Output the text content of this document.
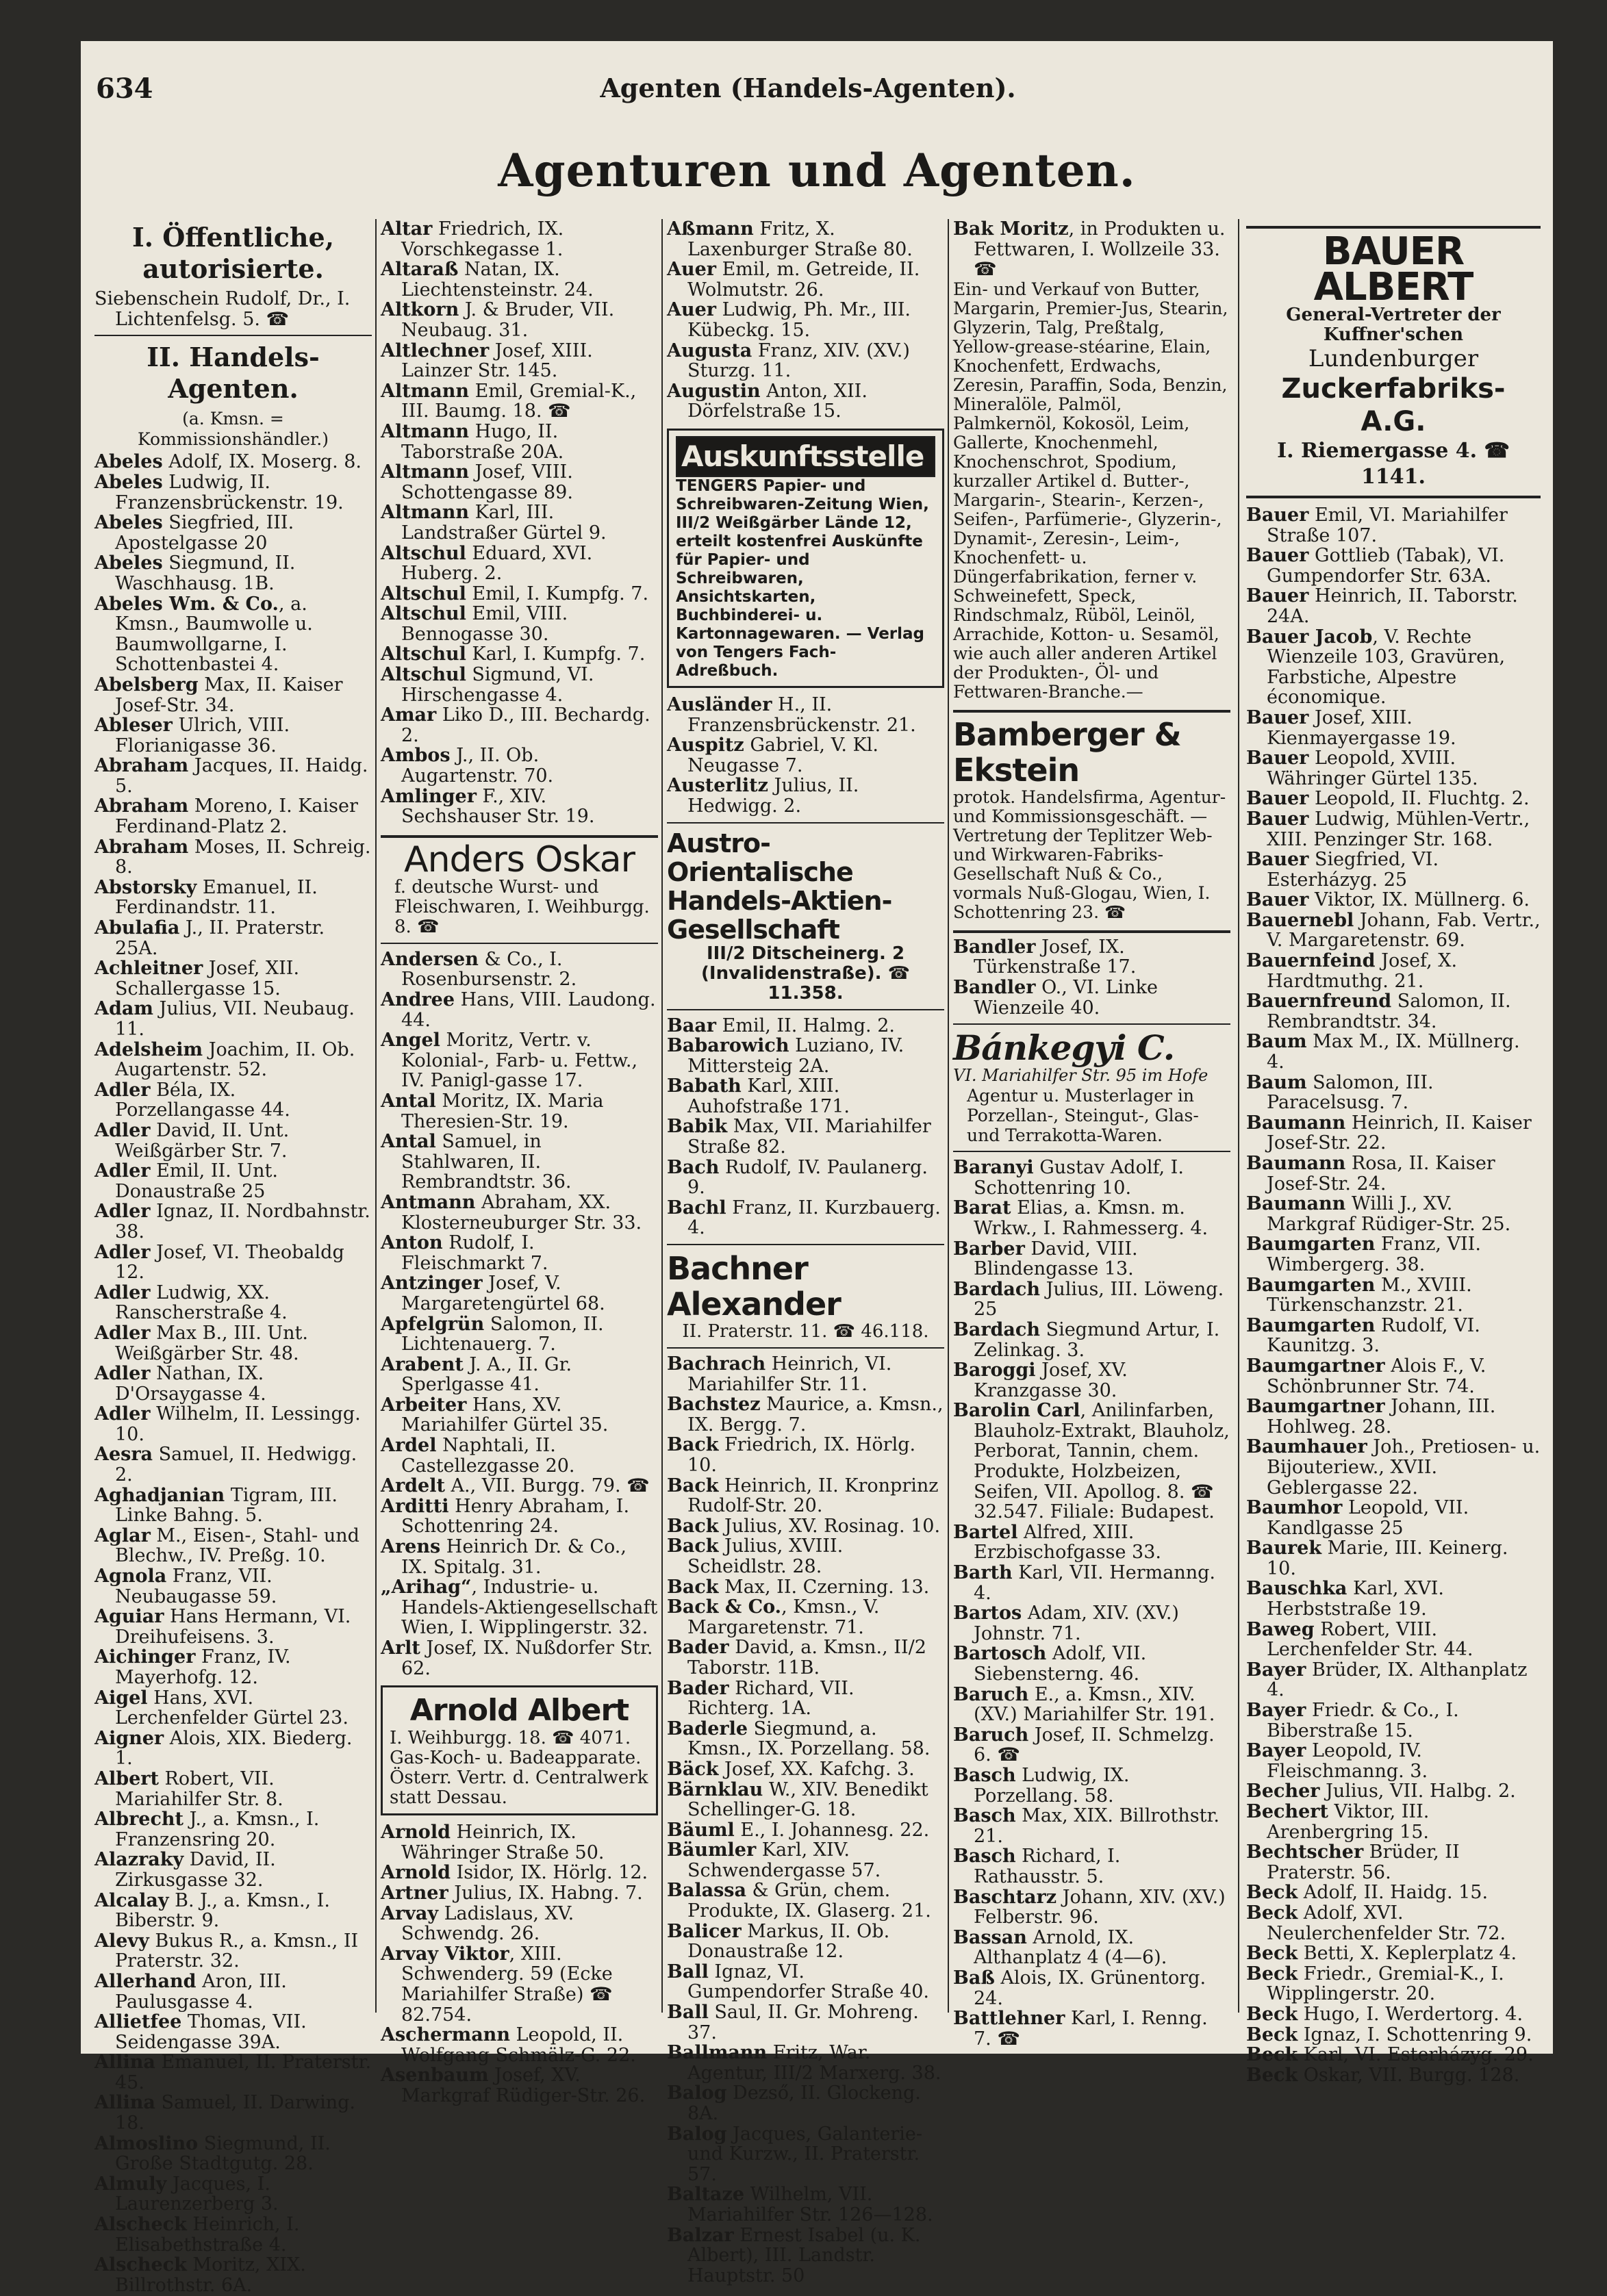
634	Agenten (Handels-Agenten).
Agenturen und Agenten.
I. Öffentliche, autorisierte.

Siebenschein Rudolf, Dr., I. Lichtenfelsg. 5. ☎

II. Handels-Agenten.
(a. Kmsn. = Kommissionshändler.)

Abeles Adolf, IX. Moserg. 8.

Abeles Ludwig, II. Franzensbrückenstr. 19.

Abeles Siegfried, III. Apostelgasse 20

Abeles Siegmund, II. Waschhausg. 1B.

Abeles Wm. & Co., a. Kmsn., Baumwolle u. Baumwollgarne, I. Schottenbastei 4.

Abelsberg Max, II. Kaiser Josef-Str. 34.

Ableser Ulrich, VIII. Florianigasse 36.

Abraham Jacques, II. Haidg. 5.

Abraham Moreno, I. Kaiser Ferdinand-Platz 2.

Abraham Moses, II. Schreig. 8.

Abstorsky Emanuel, II. Ferdinandstr. 11.

Abulafia J., II. Praterstr. 25A.

Achleitner Josef, XII. Schallergasse 15.

Adam Julius, VII. Neubaug. 11.

Adelsheim Joachim, II. Ob. Augartenstr. 52.

Adler Béla, IX. Porzellangasse 44.

Adler David, II. Unt. Weißgärber Str. 7.

Adler Emil, II. Unt. Donaustraße 25

Adler Ignaz, II. Nordbahnstr. 38.

Adler Josef, VI. Theobaldg 12.

Adler Ludwig, XX. Ranscherstraße 4.

Adler Max B., III. Unt. Weißgärber Str. 48.

Adler Nathan, IX. D'Orsaygasse 4.

Adler Wilhelm, II. Lessingg. 10.

Aesra Samuel, II. Hedwigg. 2.

Aghadjanian Tigram, III. Linke Bahng. 5.

Aglar M., Eisen-, Stahl- und Blechw., IV. Preßg. 10.

Agnola Franz, VII. Neubaugasse 59.

Aguiar Hans Hermann, VI. Dreihufeisens. 3.

Aichinger Franz, IV. Mayerhofg. 12.

Aigel Hans, XVI. Lerchenfelder Gürtel 23.

Aigner Alois, XIX. Biederg. 1.

Albert Robert, VII. Mariahilfer Str. 8.

Albrecht J., a. Kmsn., I. Franzensring 20.

Alazraky David, II. Zirkusgasse 32.

Alcalay B. J., a. Kmsn., I. Biberstr. 9.

Alevy Bukus R., a. Kmsn., II Praterstr. 32.

Allerhand Aron, III. Paulusgasse 4.

Allietfee Thomas, VII. Seidengasse 39A.

Allina Emanuel, II. Praterstr. 45.

Allina Samuel, II. Darwing. 18.

Almoslino Siegmund, II. Große Stadtgutg. 28.

Almuly Jacques, I. Laurenzerberg 3.

Alscheck Heinrich, I. Elisabethstraße 4.

Alscheck Moritz, XIX. Billrothstr. 6A.

Altar Friedrich, IX. Vorschkegasse 1.

Altaraß Natan, IX. Liechtensteinstr. 24.

Altkorn J. & Bruder, VII. Neubaug. 31.

Altlechner Josef, XIII. Lainzer Str. 145.

Altmann Emil, Gremial-K., III. Baumg. 18. ☎

Altmann Hugo, II. Taborstraße 20A.

Altmann Josef, VIII. Schottengasse 89.

Altmann Karl, III. Landstraßer Gürtel 9.

Altschul Eduard, XVI. Huberg. 2.

Altschul Emil, I. Kumpfg. 7.

Altschul Emil, VIII. Bennogasse 30.

Altschul Karl, I. Kumpfg. 7.

Altschul Sigmund, VI. Hirschengasse 4.

Amar Liko D., III. Bechardg. 2.

Ambos J., II. Ob. Augartenstr. 70.

Amlinger F., XIV. Sechshauser Str. 19.

Anders Oskar

f. deutsche Wurst- und Fleischwaren, I. Weihburgg. 8. ☎

Andersen & Co., I. Rosenbursenstr. 2.

Andree Hans, VIII. Laudong. 44.

Angel Moritz, Vertr. v. Kolonial-, Farb- u. Fettw., IV. Panigl-gasse 17.

Antal Moritz, IX. Maria Theresien-Str. 19.

Antal Samuel, in Stahlwaren, II. Rembrandtstr. 36.

Antmann Abraham, XX. Klosterneuburger Str. 33.

Anton Rudolf, I. Fleischmarkt 7.

Antzinger Josef, V. Margaretengürtel 68.

Apfelgrün Salomon, II. Lichtenauerg. 7.

Arabent J. A., II. Gr. Sperlgasse 41.

Arbeiter Hans, XV. Mariahilfer Gürtel 35.

Ardel Naphtali, II. Castellezgasse 20.

Ardelt A., VII. Burgg. 79. ☎

Arditti Henry Abraham, I. Schottenring 24.

Arens Heinrich Dr. & Co., IX. Spitalg. 31.

„Arihag“, Industrie- u. Handels-Aktiengesellschaft Wien, I. Wipplingerstr. 32.

Arlt Josef, IX. Nußdorfer Str. 62.

Arnold Albert

I. Weihburgg. 18. ☎ 4071.

Gas-Koch- u. Badeapparate.

Österr. Vertr. d. Centralwerk

statt Dessau.

Arnold Heinrich, IX. Währinger Straße 50.

Arnold Isidor, IX. Hörlg. 12.

Artner Julius, IX. Habng. 7.

Arvay Ladislaus, XV. Schwendg. 26.

Arvay Viktor, XIII. Schwenderg. 59 (Ecke Mariahilfer Straße) ☎ 82.754.

Aschermann Leopold, II. Wolfgang Schmälz-G. 22.

Asenbaum Josef, XV. Markgraf Rüdiger-Str. 26.

Aßmann Fritz, X. Laxenburger Straße 80.

Auer Emil, m. Getreide, II. Wolmutstr. 26.

Auer Ludwig, Ph. Mr., III. Kübeckg. 15.

Augusta Franz, XIV. (XV.) Sturzg. 11.

Augustin Anton, XII. Dörfelstraße 15.

Auskunftsstelle

TENGERS Papier- und Schreibwaren-Zeitung Wien, III/2 Weißgärber Lände 12, erteilt kostenfrei Auskünfte für Papier- und Schreibwaren, Ansichtskarten, Buchbinderei- u. Kartonnagewaren. — Verlag von Tengers Fach-Adreßbuch.

Ausländer H., II. Franzensbrückenstr. 21.

Auspitz Gabriel, V. Kl. Neugasse 7.

Austerlitz Julius, II. Hedwigg. 2.

Austro-Orientalische Handels-Aktien-Gesellschaft

III/2 Ditscheinerg. 2 (Invalidenstraße). ☎ 11.358.

Baar Emil, II. Halmg. 2.

Babarowich Luziano, IV. Mittersteig 2A.

Babath Karl, XIII. Auhofstraße 171.

Babik Max, VII. Mariahilfer Straße 82.

Bach Rudolf, IV. Paulanerg. 9.

Bachl Franz, II. Kurzbauerg. 4.

Bachner Alexander

II. Praterstr. 11. ☎ 46.118.

Bachrach Heinrich, VI. Mariahilfer Str. 11.

Bachstez Maurice, a. Kmsn., IX. Bergg. 7.

Back Friedrich, IX. Hörlg. 10.

Back Heinrich, II. Kronprinz Rudolf-Str. 20.

Back Julius, XV. Rosinag. 10.

Back Julius, XVIII. Scheidlstr. 28.

Back Max, II. Czerning. 13.

Back & Co., Kmsn., V. Margaretenstr. 71.

Bader David, a. Kmsn., II/2 Taborstr. 11B.

Bader Richard, VII. Richterg. 1A.

Baderle Siegmund, a. Kmsn., IX. Porzellang. 58.

Bäck Josef, XX. Kafchg. 3.

Bärnklau W., XIV. Benedikt Schellinger-G. 18.

Bäuml E., I. Johannesg. 22.

Bäumler Karl, XIV. Schwendergasse 57.

Balassa & Grün, chem. Produkte, IX. Glaserg. 21.

Balicer Markus, II. Ob. Donaustraße 12.

Ball Ignaz, VI. Gumpendorfer Straße 40.

Ball Saul, II. Gr. Mohreng. 37.

Ballmann Fritz, War. Agentur, III/2 Marxerg. 38.

Balog Dezső, II. Glockeng. 8A.

Balog Jacques, Galanterie- und Kurzw., II. Praterstr. 57.

Baltaze Wilhelm, VII. Mariahilfer Str. 126—128.

Balzar Ernest Isabel (u. K. Albert), III. Landstr. Hauptstr. 50

Bak Moritz, in Produkten u. Fettwaren, I. Wollzeile 33. ☎

Ein- und Verkauf von Butter, Margarin, Premier-Jus, Stearin, Glyzerin, Talg, Preßtalg, Yellow-grease-stéarine, Elain, Knochenfett, Erdwachs, Zeresin, Paraffin, Soda, Benzin, Mineralöle, Palmöl, Palmkernöl, Kokosöl, Leim, Gallerte, Knochenmehl, Knochenschrot, Spodium, kurzaller Artikel d. Butter-, Margarin-, Stearin-, Kerzen-, Seifen-, Parfümerie-, Glyzerin-, Dynamit-, Zeresin-, Leim-, Knochenfett- u. Düngerfabrikation, ferner v. Schweinefett, Speck, Rindschmalz, Rüböl, Leinöl, Arrachide, Kotton- u. Sesamöl, wie auch aller anderen Artikel der Produkten-, Öl- und Fettwaren-Branche.—

Bamberger & Ekstein

protok. Handelsfirma, Agentur- und Kommissionsgeschäft. — Vertretung der Teplitzer Web- und Wirkwaren-Fabriks-Gesellschaft Nuß & Co., vormals Nuß-Glogau, Wien, I. Schottenring 23. ☎

Bandler Josef, IX. Türkenstraße 17.

Bandler O., VI. Linke Wienzeile 40.

Bánkegyi C.

VI. Mariahilfer Str. 95 im Hofe

Agentur u. Musterlager in Porzellan-, Steingut-, Glas- und Terrakotta-Waren.

Baranyi Gustav Adolf, I. Schottenring 10.

Barat Elias, a. Kmsn. m. Wrkw., I. Rahmesserg. 4.

Barber David, VIII. Blindengasse 13.

Bardach Julius, III. Löweng. 25

Bardach Siegmund Artur, I. Zelinkag. 3.

Baroggi Josef, XV. Kranzgasse 30.

Barolin Carl, Anilinfarben, Blauholz-Extrakt, Blauholz, Perborat, Tannin, chem. Produkte, Holzbeizen, Seifen, VII. Apollog. 8. ☎ 32.547. Filiale: Budapest.

Bartel Alfred, XIII. Erzbischofgasse 33.

Barth Karl, VII. Hermanng. 4.

Bartos Adam, XIV. (XV.) Johnstr. 71.

Bartosch Adolf, VII. Siebensterng. 46.

Baruch E., a. Kmsn., XIV. (XV.) Mariahilfer Str. 191.

Baruch Josef, II. Schmelzg. 6. ☎

Basch Ludwig, IX. Porzellang. 58.

Basch Max, XIX. Billrothstr. 21.

Basch Richard, I. Rathausstr. 5.

Baschtarz Johann, XIV. (XV.) Felberstr. 96.

Bassan Arnold, IX. Althanplatz 4 (4—6).

Baß Alois, IX. Grünentorg. 24.

Battlehner Karl, I. Renng. 7. ☎

BAUER ALBERT

General-Vertreter der Kuffner'schen

Lundenburger

Zuckerfabriks-A.G.

I. Riemergasse 4. ☎ 1141.

Bauer Emil, VI. Mariahilfer Straße 107.

Bauer Gottlieb (Tabak), VI. Gumpendorfer Str. 63A.

Bauer Heinrich, II. Taborstr. 24A.

Bauer Jacob, V. Rechte Wienzeile 103, Gravüren, Farbstiche, Alpestre économique.

Bauer Josef, XIII. Kienmayergasse 19.

Bauer Leopold, XVIII. Währinger Gürtel 135.

Bauer Leopold, II. Fluchtg. 2.

Bauer Ludwig, Mühlen-Vertr., XIII. Penzinger Str. 168.

Bauer Siegfried, VI. Esterházyg. 25

Bauer Viktor, IX. Müllnerg. 6.

Bauernebl Johann, Fab. Vertr., V. Margaretenstr. 69.

Bauernfeind Josef, X. Hardtmuthg. 21.

Bauernfreund Salomon, II. Rembrandtstr. 34.

Baum Max M., IX. Müllnerg. 4.

Baum Salomon, III. Paracelsusg. 7.

Baumann Heinrich, II. Kaiser Josef-Str. 22.

Baumann Rosa, II. Kaiser Josef-Str. 24.

Baumann Willi J., XV. Markgraf Rüdiger-Str. 25.

Baumgarten Franz, VII. Wimbergerg. 38.

Baumgarten M., XVIII. Türkenschanzstr. 21.

Baumgarten Rudolf, VI. Kaunitzg. 3.

Baumgartner Alois F., V. Schönbrunner Str. 74.

Baumgartner Johann, III. Hohlweg. 28.

Baumhauer Joh., Pretiosen- u. Bijouteriew., XVII. Geblergasse 22.

Baumhor Leopold, VII. Kandlgasse 25

Baurek Marie, III. Keinerg. 10.

Bauschka Karl, XVI. Herbststraße 19.

Baweg Robert, VIII. Lerchenfelder Str. 44.

Bayer Brüder, IX. Althanplatz 4.

Bayer Friedr. & Co., I. Biberstraße 15.

Bayer Leopold, IV. Fleischmanng. 3.

Becher Julius, VII. Halbg. 2.

Bechert Viktor, III. Arenbergring 15.

Bechtscher Brüder, II Praterstr. 56.

Beck Adolf, II. Haidg. 15.

Beck Adolf, XVI. Neulerchenfelder Str. 72.

Beck Betti, X. Keplerplatz 4.

Beck Friedr., Gremial-K., I. Wipplingerstr. 20.

Beck Hugo, I. Werdertorg. 4.

Beck Ignaz, I. Schottenring 9.

Beck Karl, VI. Esterházyg. 29.

Beck Oskar, VII. Burgg. 128.
